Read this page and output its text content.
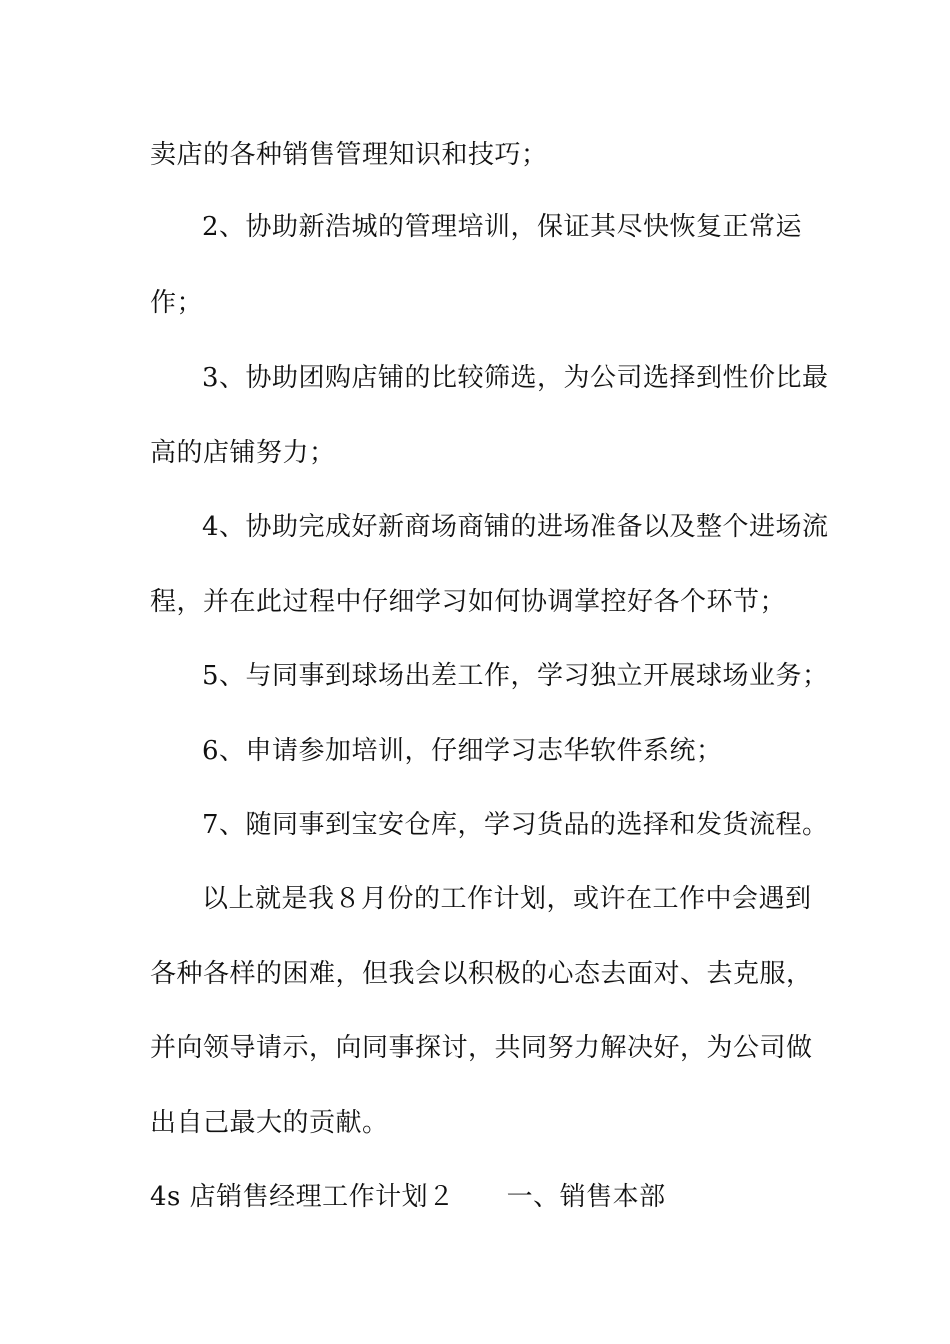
卖店的各种销售管理知识和技巧；
2、协助新浩城的管理培训，保证其尽快恢复正常运
作；
3、协助团购店铺的比较筛选，为公司选择到性价比最
高的店铺努力；
4、协助完成好新商场商铺的进场准备以及整个进场流
程，并在此过程中仔细学习如何协调掌控好各个环节；
5、与同事到球场出差工作，学习独立开展球场业务；
6、申请参加培训，仔细学习志华软件系统；
7、随同事到宝安仓库，学习货品的选择和发货流程。
以上就是我８月份的工作计划，或许在工作中会遇到
各种各样的困难，但我会以积极的心态去面对、去克服，
并向领导请示，向同事探讨，共同努力解决好，为公司做
出自己最大的贡献。
4s 店销售经理工作计划２ 一、销售本部
